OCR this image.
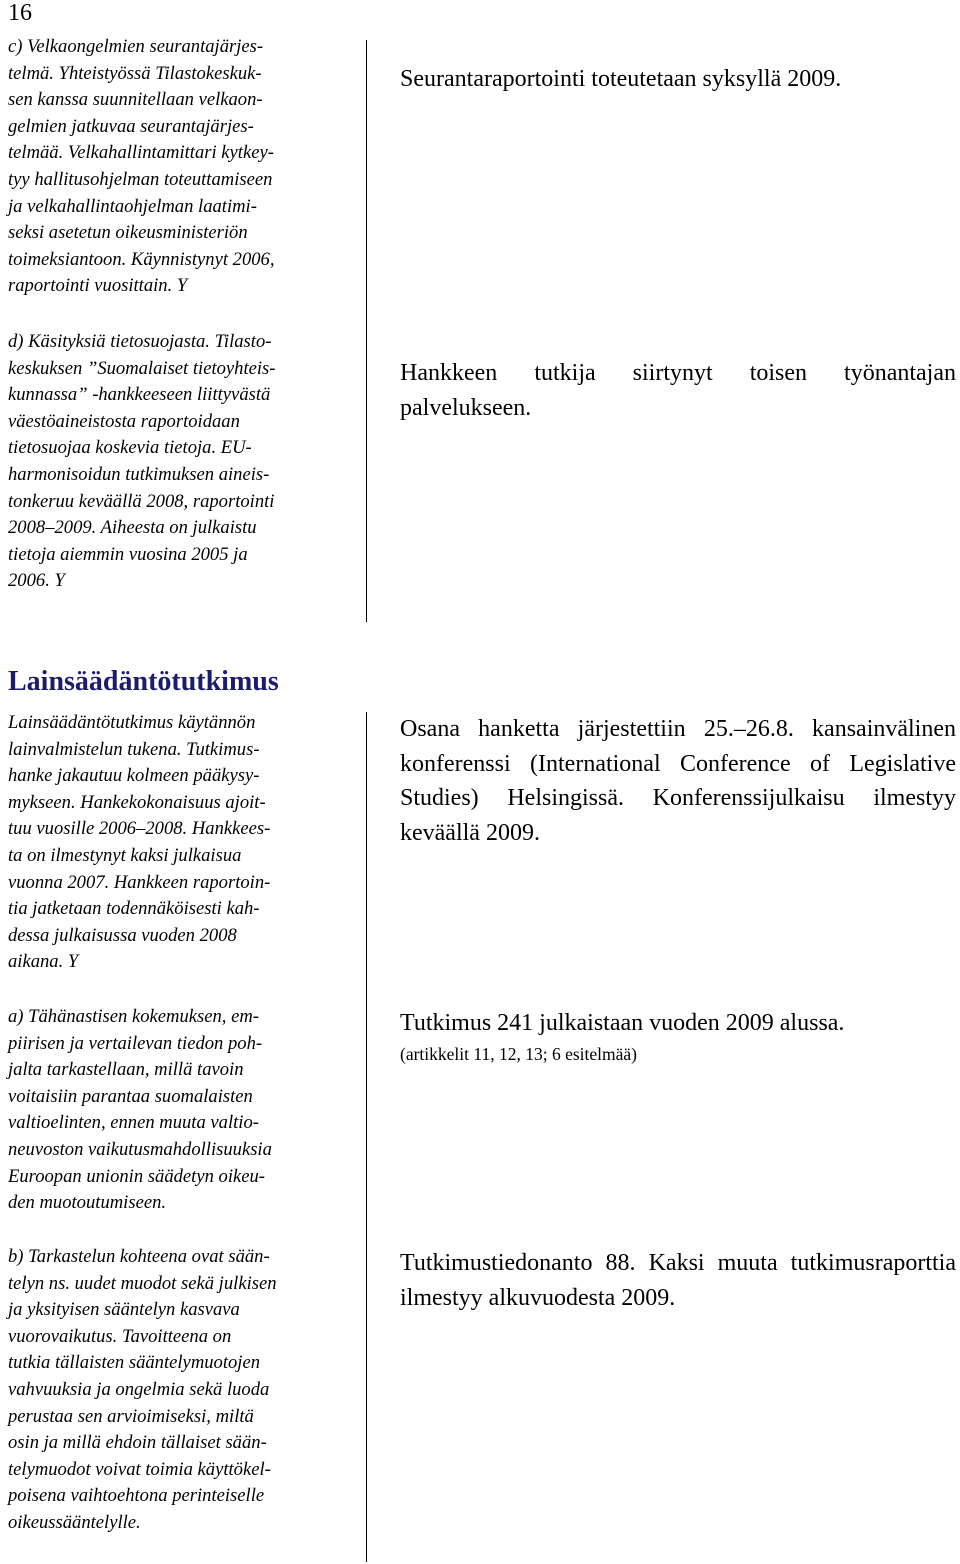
16
c) Velkaongelmien seurantajärjes-
telmä. Yhteistyössä Tilastokeskuk-
sen kanssa suunnitellaan velkaon-
gelmien jatkuvaa seurantajärjes-
telmää. Velkahallintamittari kytkey-
tyy hallitusohjelman toteuttamiseen
ja velkahallintaohjelman laatimi-
seksi asetetun oikeusministeriön
toimeksiantoon. Käynnistynyt 2006,
raportointi vuosittain. Y
d) Käsityksiä tietosuojasta. Tilasto-
keskuksen ”Suomalaiset tietoyhteis-
kunnassa” -hankkeeseen liittyvästä
väestöaineistosta raportoidaan
tietosuojaa koskevia tietoja. EU-
harmonisoidun tutkimuksen aineis-
tonkeruu keväällä 2008, raportointi
2008–2009. Aiheesta on julkaistu
tietoja aiemmin vuosina 2005 ja
2006. Y
Seurantaraportointi toteutetaan syksyllä 2009.
Hankkeen tutkija siirtynyt toisen työnantajan palvelukseen.
Lainsäädäntötutkimus
Lainsäädäntötutkimus käytännön
lainvalmistelun tukena. Tutkimus-
hanke jakautuu kolmeen pääkysy-
mykseen. Hankekokonaisuus ajoit-
tuu vuosille 2006–2008. Hankkees-
ta on ilmestynyt kaksi julkaisua
vuonna 2007. Hankkeen raportoin-
tia jatketaan todennäköisesti kah-
dessa julkaisussa vuoden 2008
aikana. Y
a) Tähänastisen kokemuksen, em-
piirisen ja vertailevan tiedon poh-
jalta tarkastellaan, millä tavoin
voitaisiin parantaa suomalaisten
valtioelinten, ennen muuta valtio-
neuvoston vaikutusmahdollisuuksia
Euroopan unionin säädetyn oikeu-
den muotoutumiseen.
b) Tarkastelun kohteena ovat sään-
telyn ns. uudet muodot sekä julkisen
ja yksityisen sääntelyn kasvava
vuorovaikutus. Tavoitteena on
tutkia tällaisten sääntelymuotojen
vahvuuksia ja ongelmia sekä luoda
perustaa sen arvioimiseksi, miltä
osin ja millä ehdoin tällaiset sään-
telymuodot voivat toimia käyttökel-
poisena vaihtoehtona perinteiselle
oikeussääntelylle.
Osana hanketta järjestettiin 25.–26.8. kansainvälinen konferenssi (International Conference of Legislative Studies) Helsingissä. Konferenssijulkaisu ilmestyy keväällä 2009.
Tutkimus 241 julkaistaan vuoden 2009 alussa.
(artikkelit 11, 12, 13; 6 esitelmää)
Tutkimustiedonanto 88. Kaksi muuta tutkimusraporttia ilmestyy alkuvuodesta 2009.
